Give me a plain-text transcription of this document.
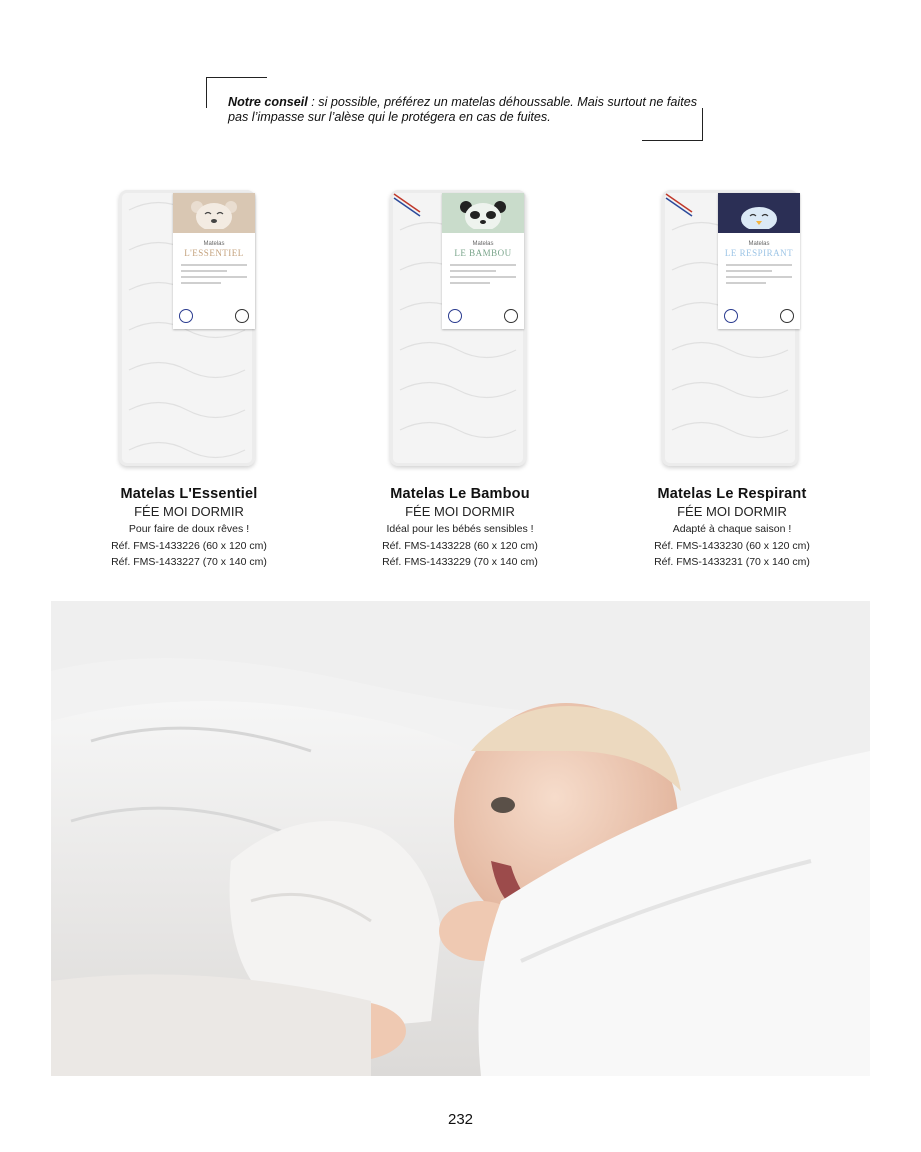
Notre conseil : si possible, préférez un matelas déhoussable. Mais surtout ne faites pas l’impasse sur l’alèse qui le protégera en cas de fuites.

Matelas
L'ESSENTIEL
Matelas L'Essentiel
FÉE MOI DORMIR
Pour faire de doux rêves !
Réf. FMS-1433226 (60 x 120 cm)
Réf. FMS-1433227 (70 x 140 cm)
Matelas
LE BAMBOU
Matelas Le Bambou
FÉE MOI DORMIR
Idéal pour les bébés sensibles !
Réf. FMS-1433228 (60 x 120 cm)
Réf. FMS-1433229 (70 x 140 cm)
Matelas
LE RESPIRANT
Matelas Le Respirant
FÉE MOI DORMIR
Adapté à chaque saison !
Réf. FMS-1433230 (60 x 120 cm)
Réf. FMS-1433231 (70 x 140 cm)
232
